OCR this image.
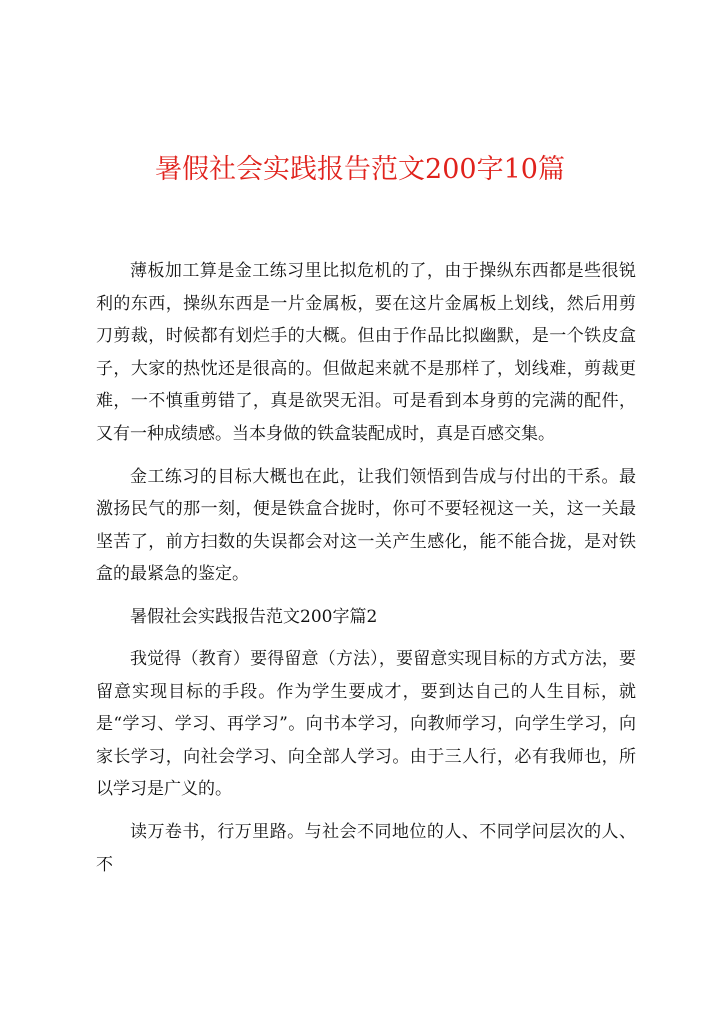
暑假社会实践报告范文200字10篇

薄板加工算是金工练习里比拟危机的了，由于操纵东西都是些很锐利的东西，操纵东西是一片金属板，要在这片金属板上划线，然后用剪刀剪裁，时候都有划烂手的大概。但由于作品比拟幽默，是一个铁皮盒子，大家的热忱还是很高的。但做起来就不是那样了，划线难，剪裁更难，一不慎重剪错了，真是欲哭无泪。可是看到本身剪的完满的配件，又有一种成绩感。当本身做的铁盒装配成时，真是百感交集。

金工练习的目标大概也在此，让我们领悟到告成与付出的干系。最激扬民气的那一刻，便是铁盒合拢时，你可不要轻视这一关，这一关最坚苦了，前方扫数的失误都会对这一关产生感化，能不能合拢，是对铁盒的最紧急的鉴定。

暑假社会实践报告范文200字篇2

我觉得（教育）要得留意（方法），要留意实现目标的方式方法，要留意实现目标的手段。作为学生要成才，要到达自己的人生目标，就是“学习、学习、再学习”。向书本学习，向教师学习，向学生学习，向家长学习，向社会学习、向全部人学习。由于三人行，必有我师也，所以学习是广义的。

读万卷书，行万里路。与社会不同地位的人、不同学问层次的人、不
